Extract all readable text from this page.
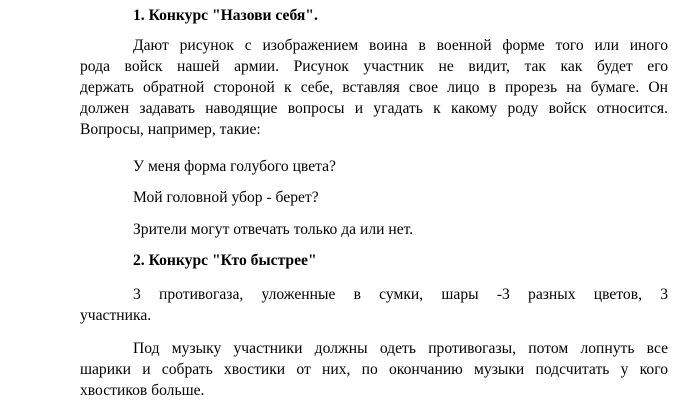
1. Конкурс "Назови себя".
Дают рисунок с изображением воина в военной форме того или иного
рода войск нашей армии. Рисунок участник не видит, так как будет его
держать обратной стороной к себе, вставляя свое лицо в прорезь на бумаге. Он
должен задавать наводящие вопросы и угадать к какому роду войск относится.
Вопросы, например, такие:
У меня форма голубого цвета?
Мой головной убор - берет?
Зрители могут отвечать только да или нет.
2. Конкурс "Кто быстрее"
3 противогаза, уложенные в сумки, шары -3 разных цветов, 3
участника.
Под музыку участники должны одеть противогазы, потом лопнуть все
шарики и собрать хвостики от них, по окончанию музыки подсчитать у кого
хвостиков больше.
